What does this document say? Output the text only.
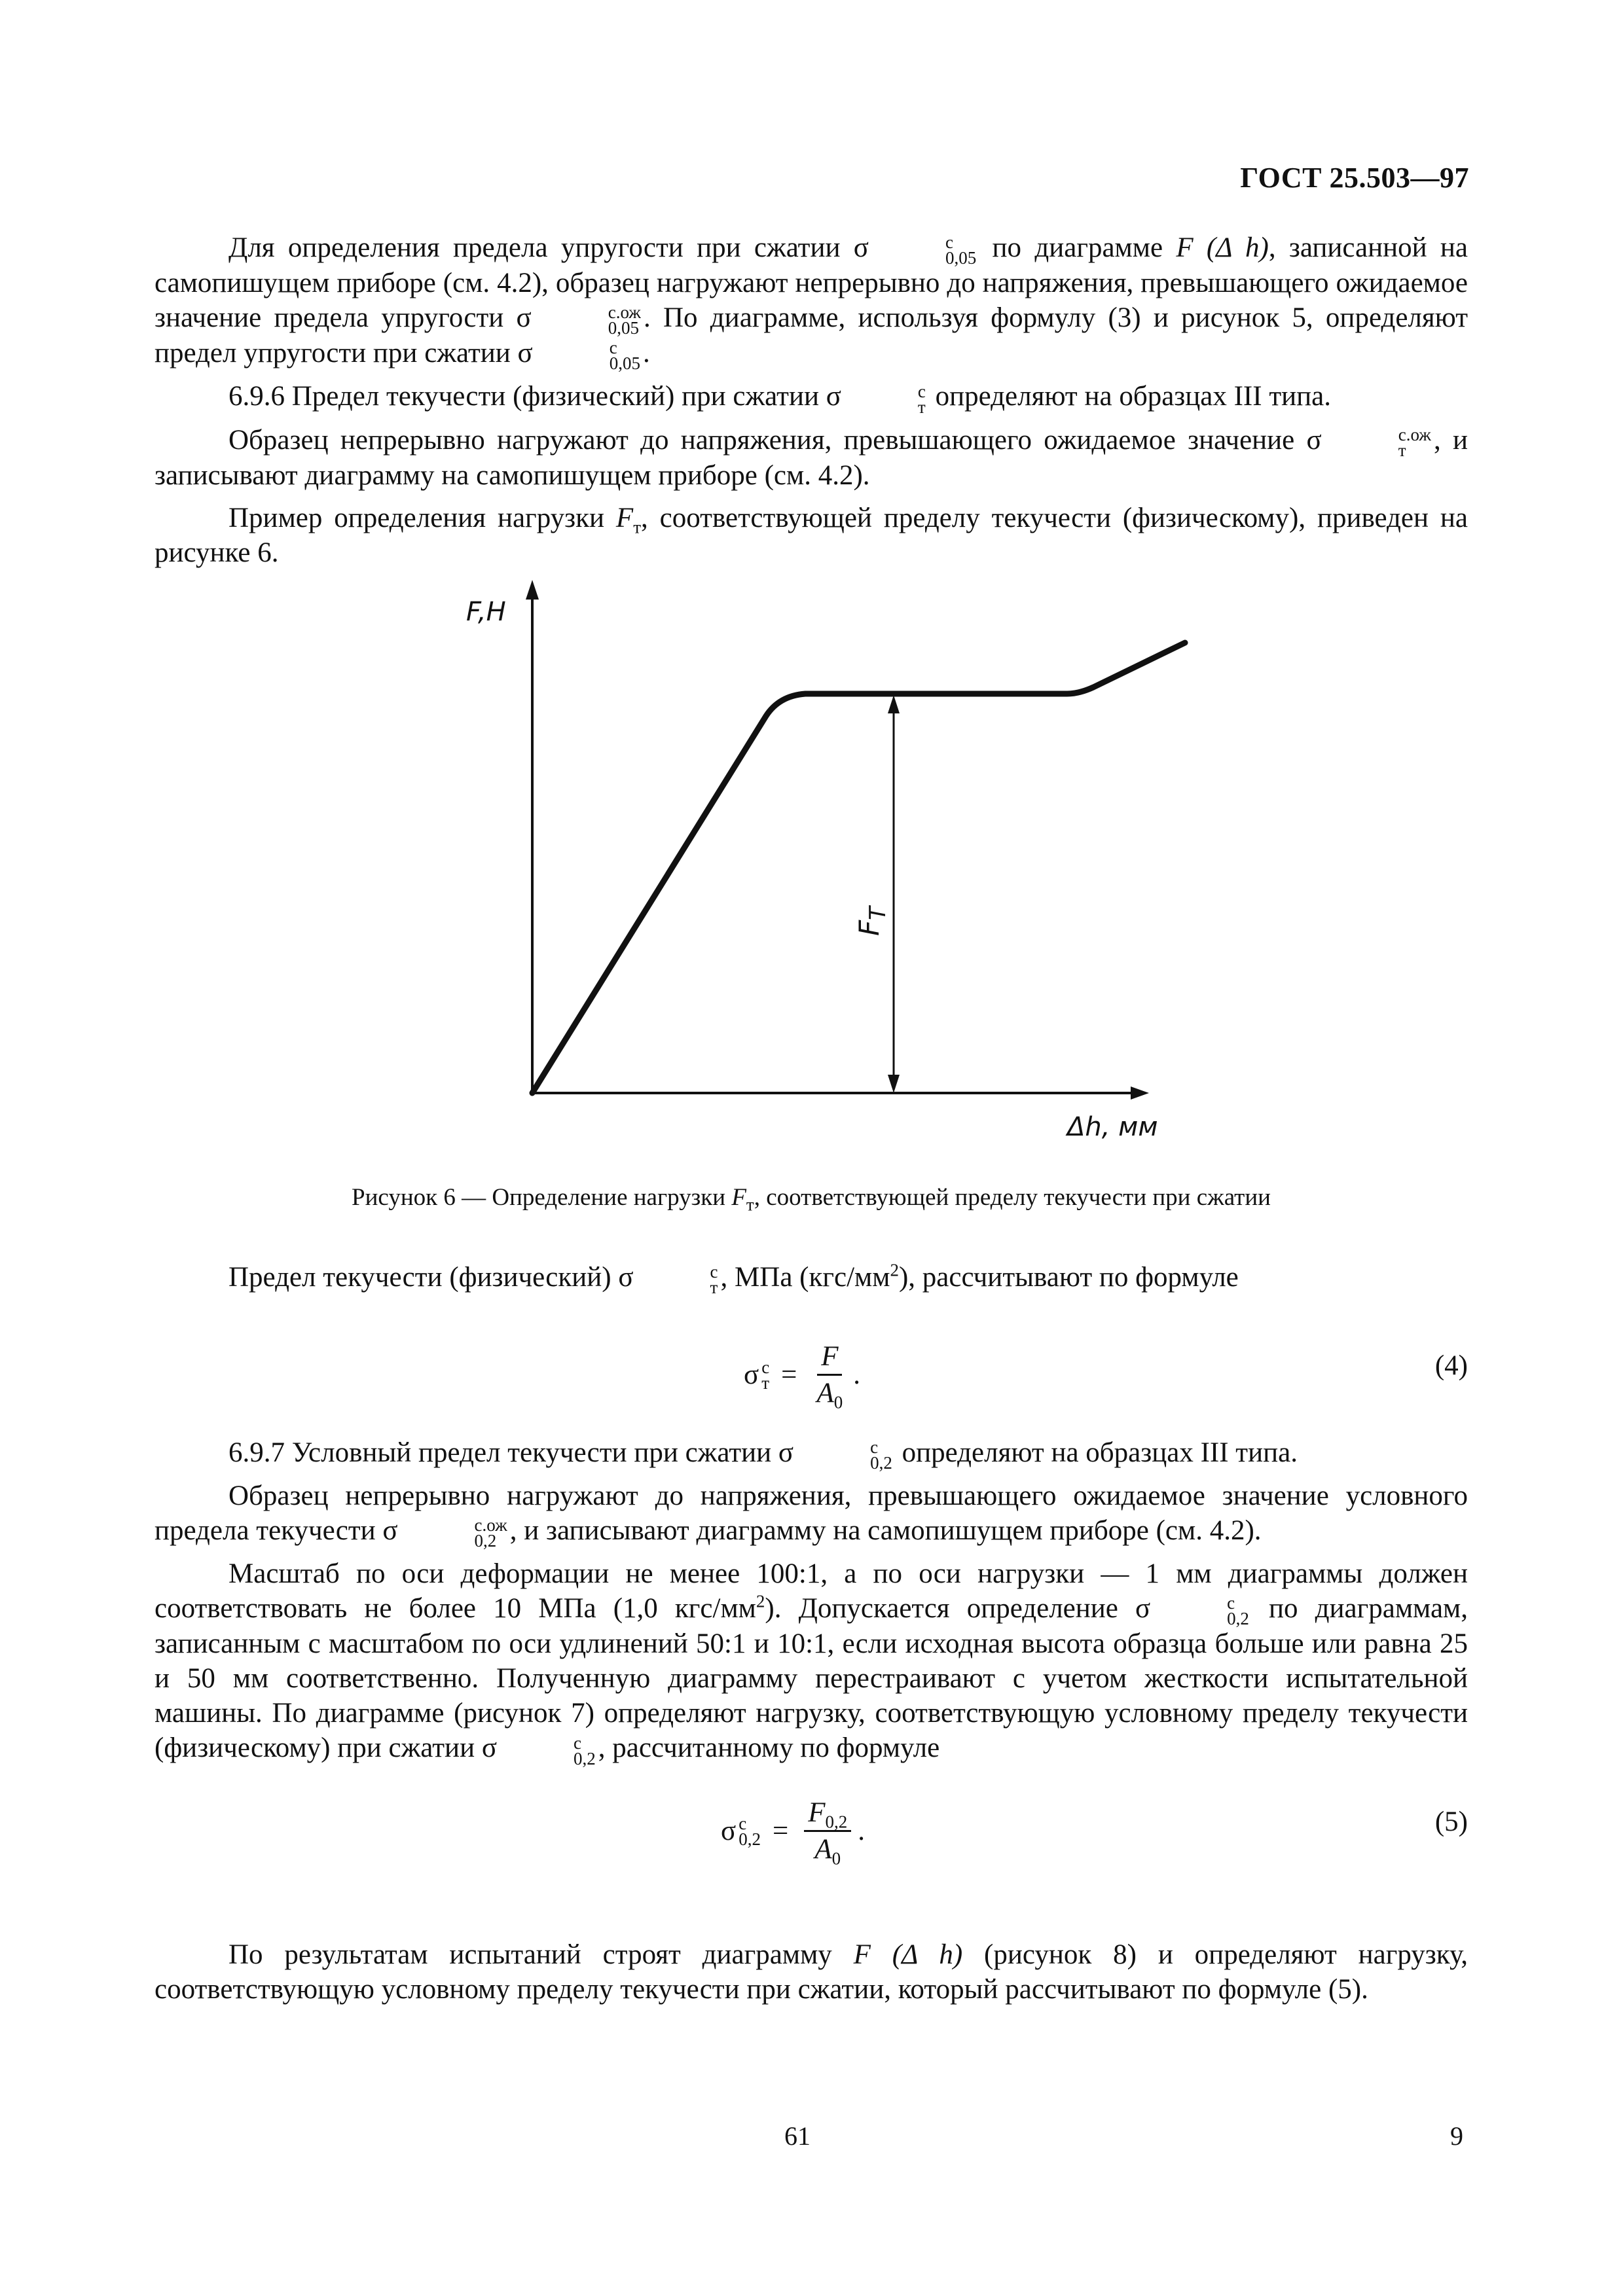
ГОСТ 25.503—97

Для определения предела упругости при сжатии σ	с
0,05 по диаграмме F (Δ h), записанной на самопишущем приборе (см. 4.2), образец нагружают непрерывно до напряжения, превышающего ожидаемое значение предела упругости σ	с.ож
0,05 . По диаграмме, используя формулу (3) и рисунок 5, определяют предел упругости при сжатии σ	с
0,05 .

6.9.6 Предел текучести (физический) при сжатии σ	с
т определяют на образцах III типа.

Образец непрерывно нагружают до напряжения, превышающего ожидаемое значение σ	с.ож
т , и записывают диаграмму на самопишущем приборе (см. 4.2).

Пример определения нагрузки $F_т$, соответствующей пределу текучести (физическому), приведен на рисунке 6.

F,H
Δh, мм
$F_T$
Рисунок 6 — Определение нагрузки $F_т$, соответствующей пределу текучести при сжатии

Предел текучести (физический) σ	с
т , МПа $(кгс/мм^2)$, рассчитывают по формуле

σ с
$т = \frac{F}{A_0}$ .	(4)

6.9.7 Условный предел текучести при сжатии σ	с
0,2 определяют на образцах III типа.

Образец непрерывно нагружают до напряжения, превышающего ожидаемое значение условного предела текучести σ	с.ож
0,2 , и записывают диаграмму на самопишущем приборе (см. 4.2).

Масштаб по оси деформации не менее 100:1, а по оси нагрузки — 1 мм диаграммы должен соответствовать не более 10 МПа (1,0 кгс/$мм^2$). Допускается определение σ	с
0,2 по диаграммам, записанным с масштабом по оси удлинений 50:1 и 10:1, если исходная высота образца больше или равна 25 и 50 мм соответственно. Полученную диаграмму перестраивают с учетом жесткости испытательной машины. По диаграмме (рисунок 7) определяют нагрузку, соответствующую условному пределу текучести (физическому) при сжатии σ	с
0,2 , рассчитанному по формуле

σ с
$0,2 = \frac{F_{0,2}}{A_0}$ .	(5)

По результатам испытаний строят диаграмму F (Δ h) (рисунок 8) и определяют нагрузку, соответствующую условному пределу текучести при сжатии, который рассчитывают по формуле (5).

61	9
